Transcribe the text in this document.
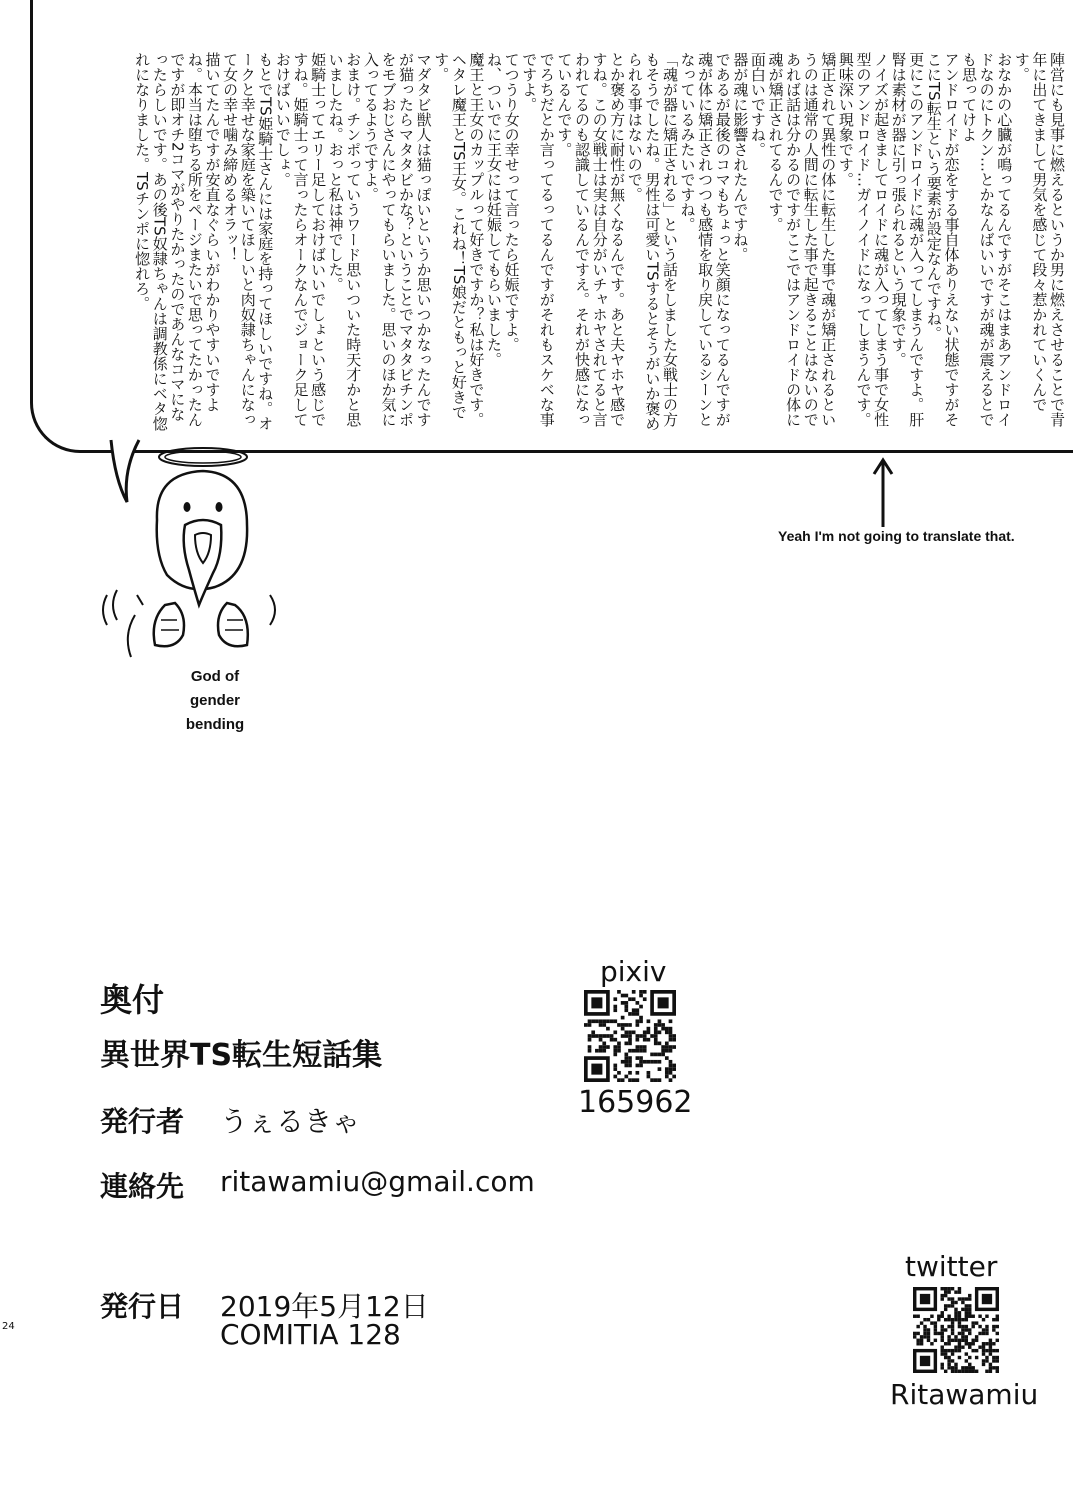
陣営にも見事に燃えるというか男に燃えさせることで青年に出てきまして男気を感じて段々惹かれていくんです。

おなかの心臓が鳴ってるんですがそこはまあアンドロイドなのにトクン…とかなんばいいですが魂が震えるとでも思ってけよ

アンドロイドが恋をする事自体ありえない状態ですがそこにTS転生という要素が設定なんですね。

更にこのアンドロイドに魂が入ってしまうんですよ。肝腎は素材が器に引っ張られるという現象です。

ノイズが起きましてロイドに魂が入ってしまう事で女性型のアンドロイド…ガイノイドになってしまうんです。興味深い現象です。

矯正されて異性の体に転生した事で魂が矯正されるというのは通常の人間に転生した事で起きることはないのであれば話は分かるのですがここではアンドロイドの体に魂が矯正されてるんです。

面白いですね。

器が魂に影響されたんですね。

であるが最後のコマもちょっと笑顔になってるんですが魂が体に矯正されつつも感情を取り戻しているシーンとなっているみたいですね。

「魂が器に矯正される」という話をしました女戦士の方もそうでしたね。男性は可愛いTSするとそうがいか褒められる事はないので。

とか褒め方に耐性が無くなるんです。あと夫ヤホヤ感ですね。この女戦士は実は自分がいチャホヤされてると言われてるのも認識しているんですえ。それが快感になっているんです。

でろちだとか言ってるってるんですがそれもスケベな事ですよ。

てつうり女の幸せって言ったら妊娠ですよ。

ね、ついでに王女には妊娠してもらいました。

魔王と王女のカップルって好きですか？私は好きです。ヘタレ魔王とTS王女。これね！TS娘だともっと好きです。

マダタビ獣人は猫っぽいというか思いつかなったんですが猫ったらマタタビかな？ということでマタタビチンポをモブおじさんにやってもらいました。思いのほか気に入ってるようですよ。

おまけ。チンポっていうワード思いついた時天才かと思いましたね。おっと私は神でした。

姫騎士ってエリー足しておけばいいでしょという感じですね。姫騎士って言ったらオークなんでジョーク足しておけばいいでしょ。

もとでTS姫騎士さんには家庭を持ってほしいですね。オークと幸せな家庭を築いてほしいと肉奴隷ちゃんになって女の幸せ噛み締めるオラッ！

描いてたんですが安直なぐらいがわかりやすいですよね。本当は堕ちる所をページまたいで思ってたかったんですが即オチ2コマがやりたかったのであんなコマになったらしいです。あの後TS奴隷ちゃんは調教係にベタ惚れになりました。TSチンポに惚れろ。

Yeah I'm not going to translate that.
God of
gender bending
奥付
異世界TS転生短話集
発行者 うぇるきゃ
連絡先 ritawamiu@gmail.com
発行日 2019年5月12日
COMITIA 128
pixiv
165962
twitter
Ritawamiu
24
